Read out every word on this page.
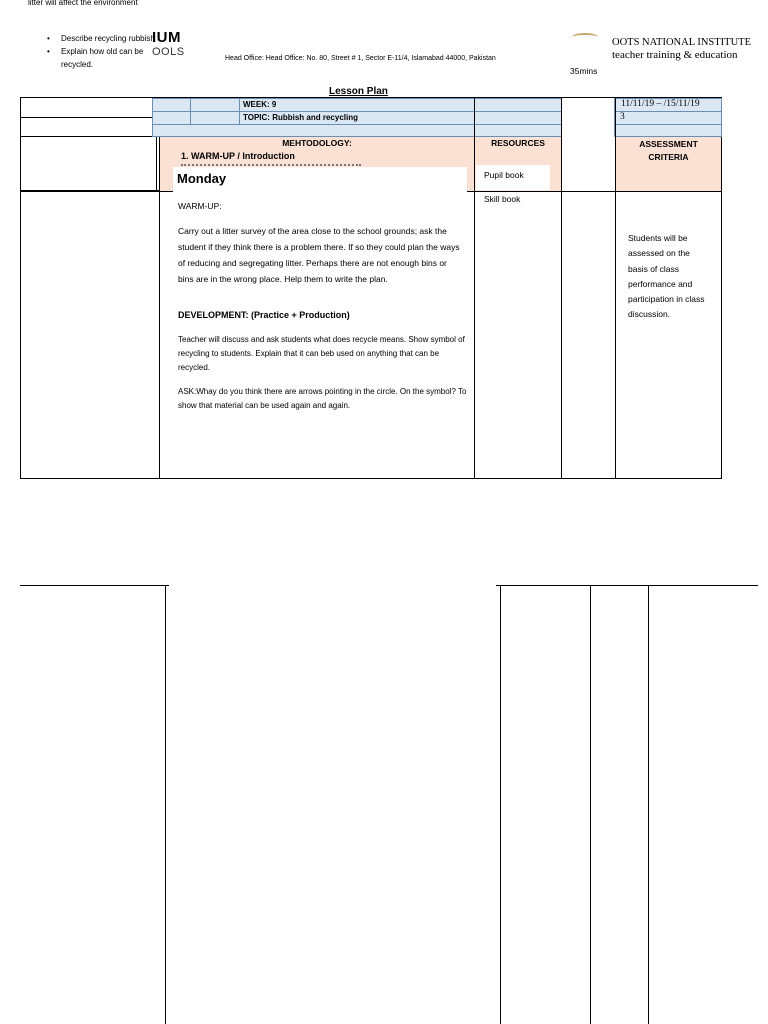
litter will affect the environment
• Describe recycling rubbish
• Explain how old can be recycled.
IUM
OOLS
Head Office: Head Office: No. 80, Street # 1, Sector E-11/4, Islamabad 44000, Pakistan
OOTS NATIONAL INSTITUTE
teacher training & education
35mins
Lesson Plan
WEEK: 9
TOPIC: Rubbish and recycling
11/11/19 – /15/11/19
3
MEHTODOLOGY:
1. WARM-UP / Introduction
RESOURCES	ASSESSMENT CRITERIA
Monday
WARM-UP:
Carry out a litter survey of the area close to the school grounds; ask the student if they think there is a problem there. If so they could plan the ways of reducing and segregating litter. Perhaps there are not enough bins or bins are in the wrong place. Help them to write the plan.
DEVELOPMENT: (Practice + Production)
Teacher will discuss and ask students what does recycle means. Show symbol of recycling to students. Explain that it can beb used on anything that can be recycled.
ASK:Whay do you think there are arrows pointing in the circle. On the symbol? To show that material can be used again and again.
Pupil book
Skill book
Students will be assessed on the basis of class performance and participation in class discussion.
